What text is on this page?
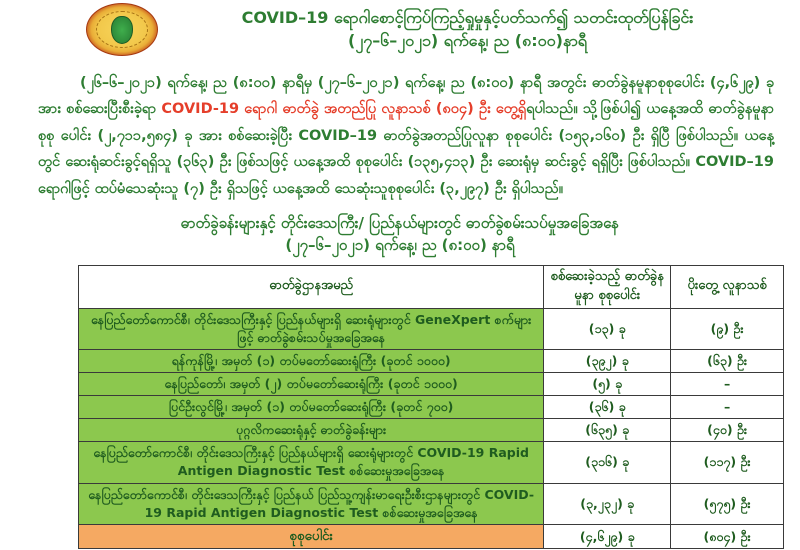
COVID–19 ရောဂါစောင့်ကြပ်ကြည့်ရှုမှုနှင့်ပတ်သက်၍ သတင်းထုတ်ပြန်ခြင်း
(၂၇–၆–၂၀၂၁) ရက်နေ့၊ ည (၈:၀၀)နာရီ
(၂၆–၆–၂၀၂၁) ရက်နေ့၊ ည (၈:၀၀) နာရီမှ (၂၇–၆–၂၀၂၁) ရက်နေ့၊ ည (၈:၀၀) နာရီ အတွင်း ဓာတ်ခွဲနမူနာစုစုပေါင်း (၄,၆၂၉) ခုအား စစ်ဆေးပြီးစီးခဲ့ရာ COVID-19 ရောဂါ ဓာတ်ခွဲ အတည်ပြု လူနာသစ် (၈၀၄) ဦး တွေ့ရှိရပါသည်။ သို့ဖြစ်ပါ၍ ယနေ့အထိ ဓာတ်ခွဲနမူနာ စုစု ပေါင်း (၂,၇၁၁,၅၈၄) ခု အား စစ်ဆေးခဲ့ပြီး COVID–19 ဓာတ်ခွဲအတည်ပြုလူနာ စုစုပေါင်း (၁၅၃,၁၆၀) ဦး ရှိပြီ ဖြစ်ပါသည်။ ယနေ့တွင် ဆေးရုံဆင်းခွင့်ရရှိသူ (၃၆၃) ဦး ဖြစ်သဖြင့် ယနေ့အထိ စုစုပေါင်း (၁၃၅,၄၁၃) ဦး ဆေးရုံမှ ဆင်းခွင့် ရရှိပြီး ဖြစ်ပါသည်။ COVID–19 ရောဂါဖြင့် ထပ်မံသေဆုံးသူ (၇) ဦး ရှိသဖြင့် ယနေ့အထိ သေဆုံးသူစုစုပေါင်း (၃,၂၉၇) ဦး ရှိပါသည်။
ဓာတ်ခွဲခန်းများနှင့် တိုင်းဒေသကြီး/ ပြည်နယ်များတွင် ဓာတ်ခွဲစမ်းသပ်မှုအခြေအနေ
(၂၇–၆–၂၀၂၁) ရက်နေ့၊ ည (၈:၀၀) နာရီ
ဓာတ်ခွဲဌာနအမည်	စစ်ဆေးခဲ့သည့် ဓာတ်ခွဲနမူနာ စုစုပေါင်း	ပိုးတွေ့ လူနာသစ်
နေပြည်တော်ကောင်စီ၊ တိုင်းဒေသကြီးနှင့် ပြည်နယ်များရှိ ဆေးရုံများတွင် GeneXpert စက်များဖြင့် ဓာတ်ခွဲစမ်းသပ်မှုအခြေအနေ	(၁၃) ခု	(၉) ဦး
ရန်ကုန်မြို့၊ အမှတ် (၁) တပ်မတော်ဆေးရုံကြီး (ခုတင် ၁၀၀၀)	(၃၉၂) ခု	(၆၃) ဦး
နေပြည်တော်၊ အမှတ် (၂) တပ်မတော်ဆေးရုံကြီး (ခုတင် ၁၀၀၀)	(၅) ခု	–
ပြင်ဦးလွင်မြို့၊ အမှတ် (၁) တပ်မတော်ဆေးရုံကြီး (ခုတင် ၇၀၀)	(၃၆) ခု	–
ပုဂ္ဂလိကဆေးရုံနှင့် ဓာတ်ခွဲခန်းများ	(၆၃၅) ခု	(၄၀) ဦး
နေပြည်တော်ကောင်စီ၊ တိုင်းဒေသကြီးနှင့် ပြည်နယ်များရှိ ဆေးရုံများတွင် COVID-19 Rapid Antigen Diagnostic Test စစ်ဆေးမှုအခြေအနေ	(၃၁၆) ခု	(၁၁၇) ဦး
နေပြည်တော်ကောင်စီ၊ တိုင်းဒေသကြီးနှင့် ပြည်နယ် ပြည်သူ့ကျန်းမာရေးဦးစီးဌာနများတွင် COVID-19 Rapid Antigen Diagnostic Test စစ်ဆေးမှုအခြေအနေ	(၃,၂၃၂) ခု	(၅၇၅) ဦး
စုစုပေါင်း	(၄,၆၂၉) ခု	(၈၀၄) ဦး
